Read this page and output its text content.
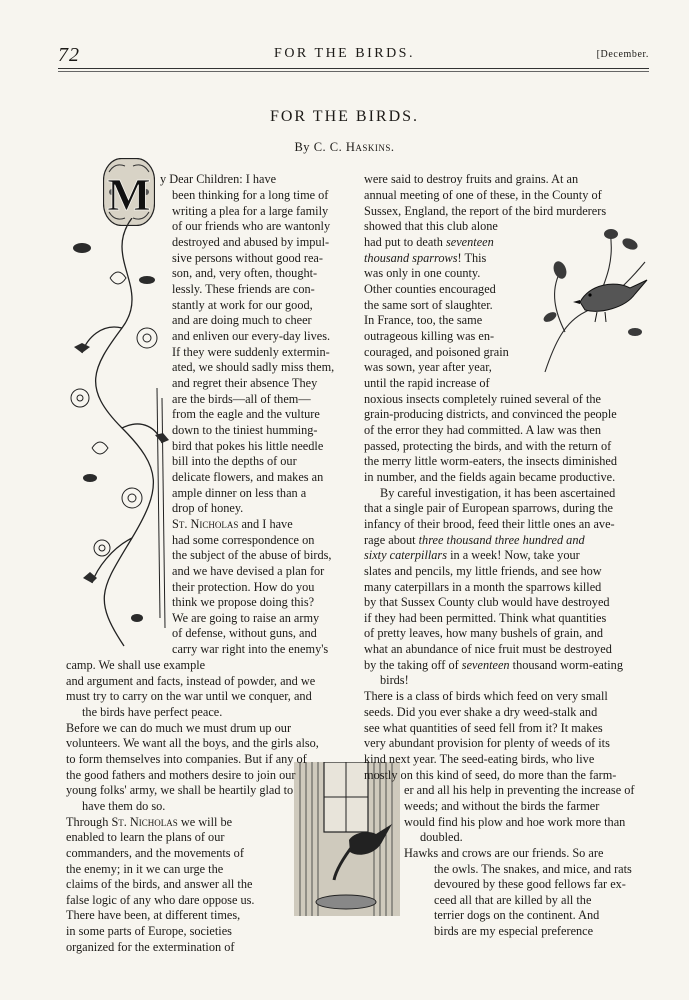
72	FOR THE BIRDS.	[December.
FOR THE BIRDS.
By C. C. Haskins.
M y Dear Children: I have
been thinking for a long time of
writing a plea for a large family
of our friends who are wantonly
destroyed and abused by impul-
sive persons without good rea-
son, and, very often, thought-
lessly. These friends are con-
stantly at work for our good,
and are doing much to cheer
and enliven our every-day lives.
If they were suddenly extermin-
ated, we should sadly miss them,
and regret their absence They
are the birds—all of them—
from the eagle and the vulture
down to the tiniest humming-
bird that pokes his little needle
bill into the depths of our
delicate flowers, and makes an
ample dinner on less than a
drop of honey.
St. Nicholas and I have
had some correspondence on
the subject of the abuse of birds,
and we have devised a plan for
their protection. How do you
think we propose doing this?
We are going to raise an army
of defense, without guns, and
carry war right into the enemy's
camp. We shall use example
and argument and facts, instead of powder, and we
must try to carry on the war until we conquer, and
the birds have perfect peace.
Before we can do much we must drum up our
volunteers. We want all the boys, and the girls also,
to form themselves into companies. But if any of
the good fathers and mothers desire to join our
young folks' army, we shall be heartily glad to
have them do so.
Through St. Nicholas we will be
enabled to learn the plans of our
commanders, and the movements of
the enemy; in it we can urge the
claims of the birds, and answer all the
false logic of any who dare oppose us.
There have been, at different times,
in some parts of Europe, societies
organized for the extermination of
were said to destroy fruits and grains. At an
annual meeting of one of these, in the County of
Sussex, England, the report of the bird murderers
showed that this club alone
had put to death seventeen
thousand sparrows! This
was only in one county.
Other counties encouraged
the same sort of slaughter.
In France, too, the same
outrageous killing was en-
couraged, and poisoned grain
was sown, year after year,
until the rapid increase of
noxious insects completely ruined several of the
grain-producing districts, and convinced the people
of the error they had committed. A law was then
passed, protecting the birds, and with the return of
the merry little worm-eaters, the insects diminished
in number, and the fields again became productive.
By careful investigation, it has been ascertained
that a single pair of European sparrows, during the
infancy of their brood, feed their little ones an ave-
rage about three thousand three hundred and
sixty caterpillars in a week! Now, take your
slates and pencils, my little friends, and see how
many caterpillars in a month the sparrows killed
by that Sussex County club would have destroyed
if they had been permitted. Think what quantities
of pretty leaves, how many bushels of grain, and
what an abundance of nice fruit must be destroyed
by the taking off of seventeen thousand worm-eating
birds!
There is a class of birds which feed on very small
seeds. Did you ever shake a dry weed-stalk and
see what quantities of seed fell from it? It makes
very abundant provision for plenty of weeds of its
kind next year. The seed-eating birds, who live
mostly on this kind of seed, do more than the farm-
er and all his help in preventing the increase of
weeds; and without the birds the farmer
would find his plow and hoe work more than
doubled.
Hawks and crows are our friends. So are
the owls. The snakes, and mice, and rats
devoured by these good fellows far ex-
ceed all that are killed by all the
terrier dogs on the continent. And
birds are my especial preference
